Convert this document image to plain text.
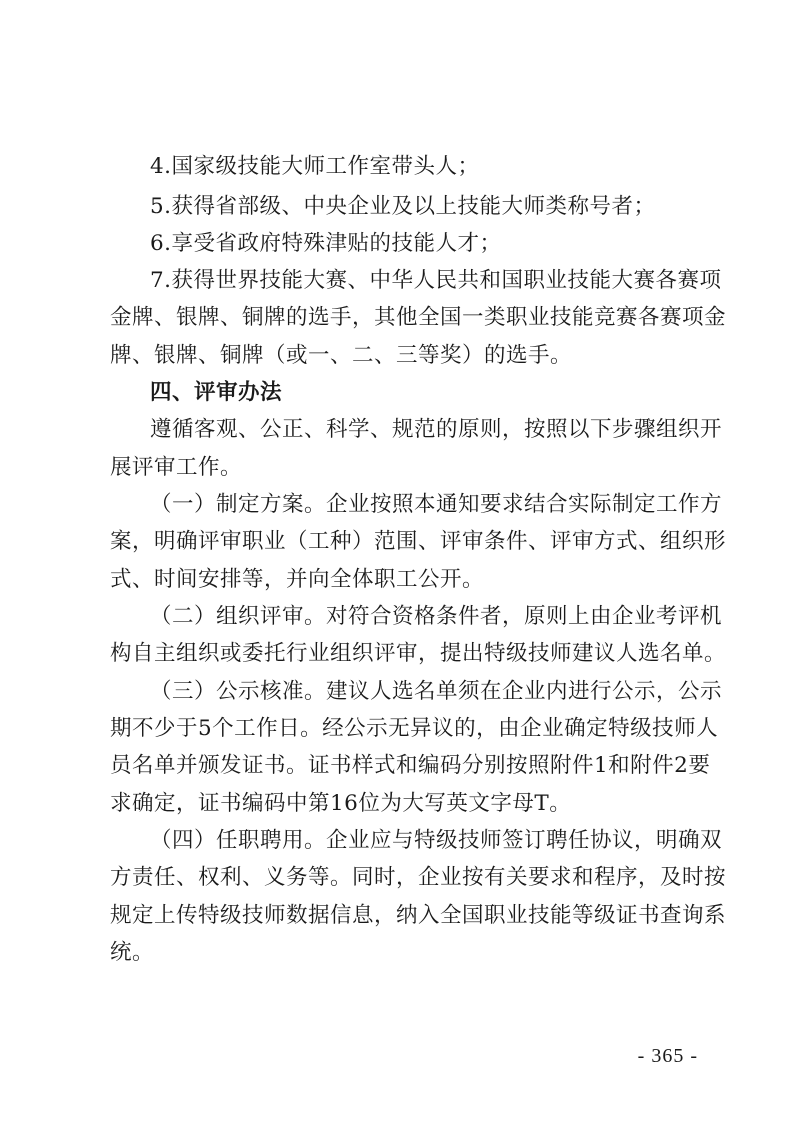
4.国家级技能大师工作室带头人；
5.获得省部级、中央企业及以上技能大师类称号者；
6.享受省政府特殊津贴的技能人才；
7.获得世界技能大赛、中华人民共和国职业技能大赛各赛项
金牌、银牌、铜牌的选手，其他全国一类职业技能竞赛各赛项金
牌、银牌、铜牌（或一、二、三等奖）的选手。
四、评审办法
遵循客观、公正、科学、规范的原则，按照以下步骤组织开
展评审工作。
（一）制定方案。企业按照本通知要求结合实际制定工作方
案，明确评审职业（工种）范围、评审条件、评审方式、组织形
式、时间安排等，并向全体职工公开。
（二）组织评审。对符合资格条件者，原则上由企业考评机
构自主组织或委托行业组织评审，提出特级技师建议人选名单。
（三）公示核准。建议人选名单须在企业内进行公示，公示
期不少于5个工作日。经公示无异议的，由企业确定特级技师人
员名单并颁发证书。证书样式和编码分别按照附件1和附件2要
求确定，证书编码中第16位为大写英文字母T。
（四）任职聘用。企业应与特级技师签订聘任协议，明确双
方责任、权利、义务等。同时，企业按有关要求和程序，及时按
规定上传特级技师数据信息，纳入全国职业技能等级证书查询系
统。
- 365 -
